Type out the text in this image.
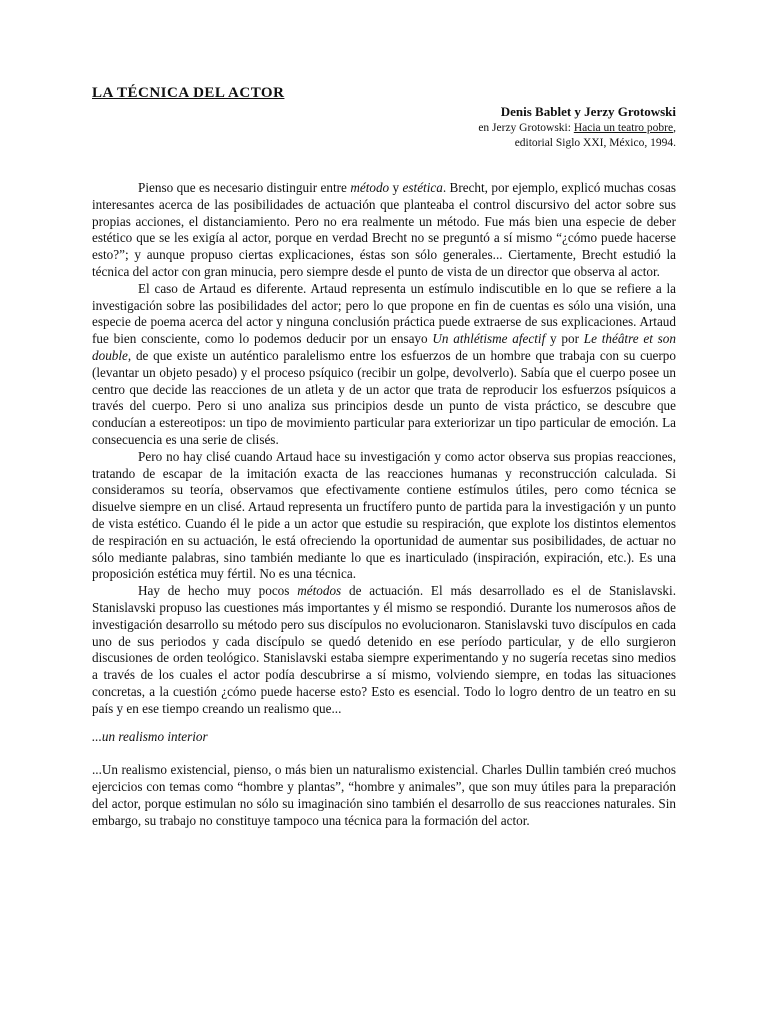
LA TÉCNICA DEL ACTOR
Denis Bablet y Jerzy Grotowski
en Jerzy Grotowski: Hacia un teatro pobre,
editorial Siglo XXI, México, 1994.

Pienso que es necesario distinguir entre método y estética. Brecht, por ejemplo, explicó muchas cosas interesantes acerca de las posibilidades de actuación que planteaba el control discursivo del actor sobre sus propias acciones, el distanciamiento. Pero no era realmente un método. Fue más bien una especie de deber estético que se les exigía al actor, porque en verdad Brecht no se preguntó a sí mismo “¿cómo puede hacerse esto?”; y aunque propuso ciertas explicaciones, éstas son sólo generales... Ciertamente, Brecht estudió la técnica del actor con gran minucia, pero siempre desde el punto de vista de un director que observa al actor.

El caso de Artaud es diferente. Artaud representa un estímulo indiscutible en lo que se refiere a la investigación sobre las posibilidades del actor; pero lo que propone en fin de cuentas es sólo una visión, una especie de poema acerca del actor y ninguna conclusión práctica puede extraerse de sus explicaciones. Artaud fue bien consciente, como lo podemos deducir por un ensayo Un athlétisme afectif y por Le théâtre et son double, de que existe un auténtico paralelismo entre los esfuerzos de un hombre que trabaja con su cuerpo (levantar un objeto pesado) y el proceso psíquico (recibir un golpe, devolverlo). Sabía que el cuerpo posee un centro que decide las reacciones de un atleta y de un actor que trata de reproducir los esfuerzos psíquicos a través del cuerpo. Pero si uno analiza sus principios desde un punto de vista práctico, se descubre que conducían a estereotipos: un tipo de movimiento particular para exteriorizar un tipo particular de emoción. La consecuencia es una serie de clisés.

Pero no hay clisé cuando Artaud hace su investigación y como actor observa sus propias reacciones, tratando de escapar de la imitación exacta de las reacciones humanas y reconstrucción calculada. Si consideramos su teoría, observamos que efectivamente contiene estímulos útiles, pero como técnica se disuelve siempre en un clisé. Artaud representa un fructífero punto de partida para la investigación y un punto de vista estético. Cuando él le pide a un actor que estudie su respiración, que explote los distintos elementos de respiración en su actuación, le está ofreciendo la oportunidad de aumentar sus posibilidades, de actuar no sólo mediante palabras, sino también mediante lo que es inarticulado (inspiración, expiración, etc.). Es una proposición estética muy fértil. No es una técnica.

Hay de hecho muy pocos métodos de actuación. El más desarrollado es el de Stanislavski. Stanislavski propuso las cuestiones más importantes y él mismo se respondió. Durante los numerosos años de investigación desarrollo su método pero sus discípulos no evolucionaron. Stanislavski tuvo discípulos en cada uno de sus periodos y cada discípulo se quedó detenido en ese período particular, y de ello surgieron discusiones de orden teológico. Stanislavski estaba siempre experimentando y no sugería recetas sino medios a través de los cuales el actor podía descubrirse a sí mismo, volviendo siempre, en todas las situaciones concretas, a la cuestión ¿cómo puede hacerse esto? Esto es esencial. Todo lo logro dentro de un teatro en su país y en ese tiempo creando un realismo que...

...un realismo interior

...Un realismo existencial, pienso, o más bien un naturalismo existencial. Charles Dullin también creó muchos ejercicios con temas como “hombre y plantas”, “hombre y animales”, que son muy útiles para la preparación del actor, porque estimulan no sólo su imaginación sino también el desarrollo de sus reacciones naturales. Sin embargo, su trabajo no constituye tampoco una técnica para la formación del actor.
